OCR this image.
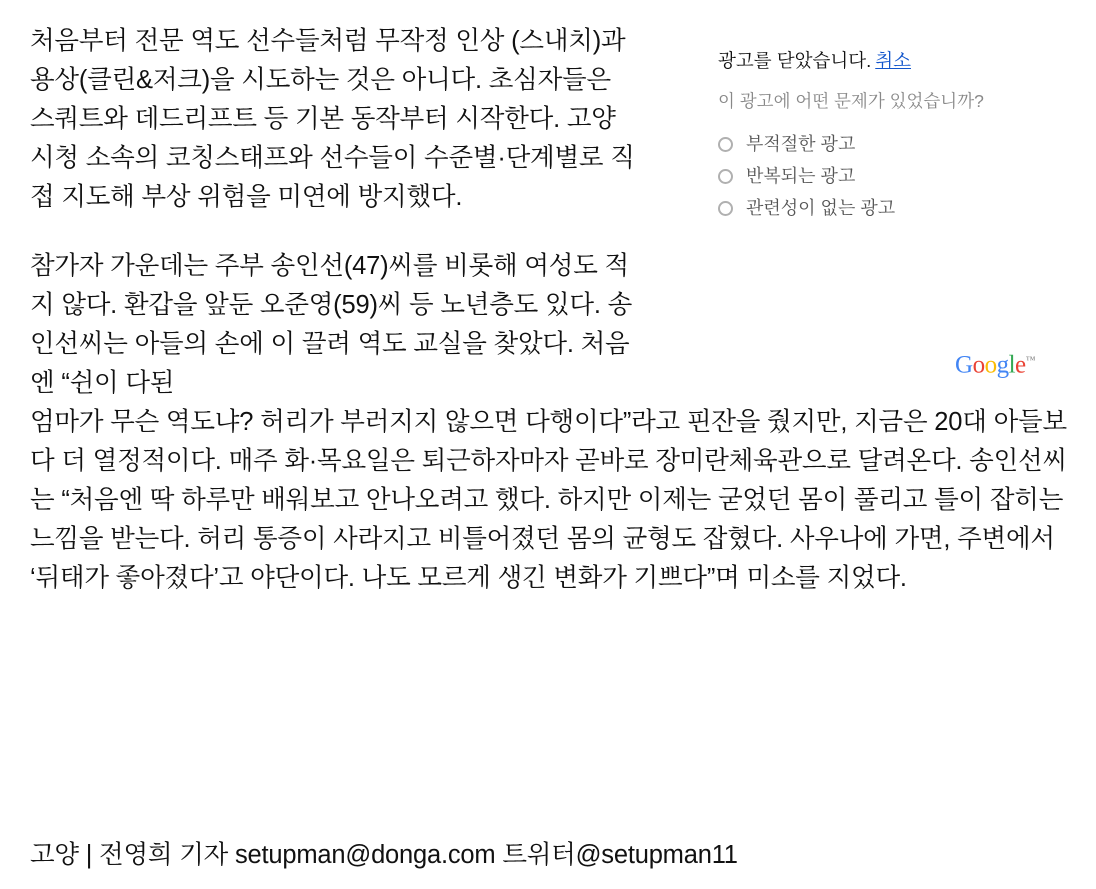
처음부터 전문 역도 선수들처럼 무작정 인상 (스내치)과 용상(클린&저크)을 시도하는 것은 아니다. 초심자들은 스쿼트와 데드리프트 등 기본 동작부터 시작한다. 고양시청 소속의 코칭스태프와 선수들이 수준별·단계별로 직접 지도해 부상 위험을 미연에 방지했다.

참가자 가운데는 주부 송인선(47)씨를 비롯해 여성도 적지 않다. 환갑을 앞둔 오준영(59)씨 등 노년층도 있다. 송인선씨는 아들의 손에 이 끌려 역도 교실을 찾았다. 처음엔 “쉰이 다된

엄마가 무슨 역도냐? 허리가 부러지지 않으면 다행이다”라고 핀잔을 줬지만, 지금은 20대 아들보다 더 열정적이다. 매주 화·목요일은 퇴근하자마자 곧바로 장미란체육관으로 달려온다. 송인선씨는 “처음엔 딱 하루만 배워보고 안나오려고 했다. 하지만 이제는 굳었던 몸이 풀리고 틀이 잡히는 느낌을 받는다. 허리 통증이 사라지고 비틀어졌던 몸의 균형도 잡혔다. 사우나에 가면, 주변에서 ‘뒤태가 좋아졌다’고 야단이다. 나도 모르게 생긴 변화가 기쁘다”며 미소를 지었다.

고양 | 전영희 기자 setupman@donga.com 트위터@setupman11
광고를 닫았습니다. 취소
이 광고에 어떤 문제가 있었습니까?
부적절한 광고
반복되는 광고
관련성이 없는 광고
Google™
